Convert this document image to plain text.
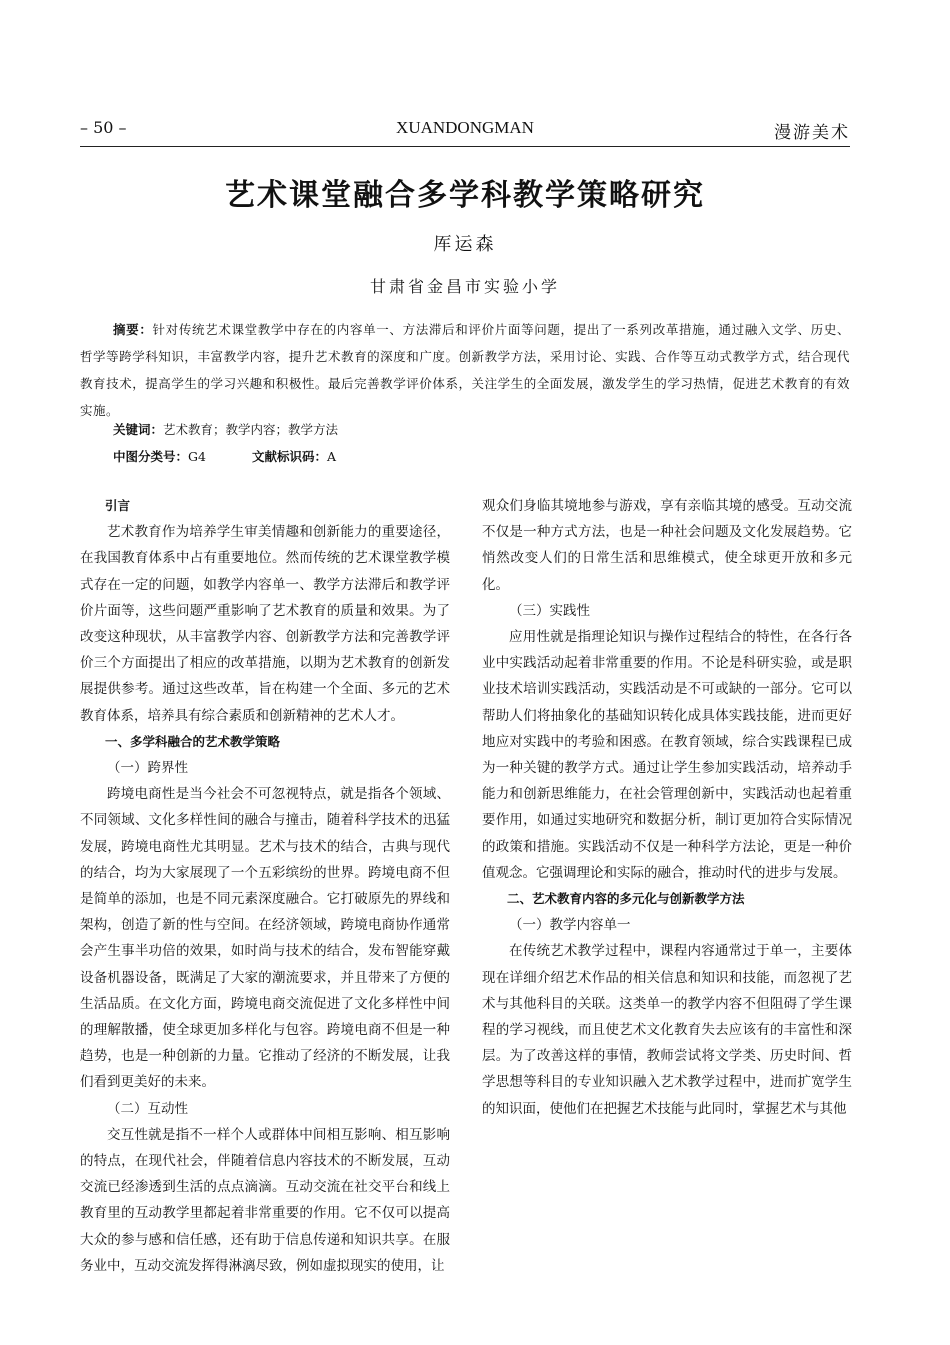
– 50 –	XUANDONGMAN	漫游美术
艺术课堂融合多学科教学策略研究
厍运森
甘肃省金昌市实验小学
摘要：针对传统艺术课堂教学中存在的内容单一、方法滞后和评价片面等问题，提出了一系列改革措施，通过融入文学、历史、哲学等跨学科知识，丰富教学内容，提升艺术教育的深度和广度。创新教学方法，采用讨论、实践、合作等互动式教学方式，结合现代教育技术，提高学生的学习兴趣和积极性。最后完善教学评价体系，关注学生的全面发展，激发学生的学习热情，促进艺术教育的有效实施。
关键词：艺术教育；教学内容；教学方法
中图分类号：G4	文献标识码：A

引言

艺术教育作为培养学生审美情趣和创新能力的重要途径，在我国教育体系中占有重要地位。然而传统的艺术课堂教学模式存在一定的问题，如教学内容单一、教学方法滞后和教学评价片面等，这些问题严重影响了艺术教育的质量和效果。为了改变这种现状，从丰富教学内容、创新教学方法和完善教学评价三个方面提出了相应的改革措施，以期为艺术教育的创新发展提供参考。通过这些改革，旨在构建一个全面、多元的艺术教育体系，培养具有综合素质和创新精神的艺术人才。

一、多学科融合的艺术教学策略

（一）跨界性

跨境电商性是当今社会不可忽视特点，就是指各个领域、不同领域、文化多样性间的融合与撞击，随着科学技术的迅猛发展，跨境电商性尤其明显。艺术与技术的结合，古典与现代的结合，均为大家展现了一个五彩缤纷的世界。跨境电商不但是简单的添加，也是不同元素深度融合。它打破原先的界线和架构，创造了新的性与空间。在经济领域，跨境电商协作通常会产生事半功倍的效果，如时尚与技术的结合，发布智能穿戴设备机器设备，既满足了大家的潮流要求，并且带来了方便的生活品质。在文化方面，跨境电商交流促进了文化多样性中间的理解散播，使全球更加多样化与包容。跨境电商不但是一种趋势，也是一种创新的力量。它推动了经济的不断发展，让我们看到更美好的未来。

（二）互动性

交互性就是指不一样个人或群体中间相互影响、相互影响的特点，在现代社会，伴随着信息内容技术的不断发展，互动交流已经渗透到生活的点点滴滴。互动交流在社交平台和线上教育里的互动教学里都起着非常重要的作用。它不仅可以提高大众的参与感和信任感，还有助于信息传递和知识共享。在服务业中，互动交流发挥得淋漓尽致，例如虚拟现实的使用，让

观众们身临其境地参与游戏，享有亲临其境的感受。互动交流不仅是一种方式方法，也是一种社会问题及文化发展趋势。它悄然改变人们的日常生活和思维模式，使全球更开放和多元化。

（三）实践性

应用性就是指理论知识与操作过程结合的特性，在各行各业中实践活动起着非常重要的作用。不论是科研实验，或是职业技术培训实践活动，实践活动是不可或缺的一部分。它可以帮助人们将抽象化的基础知识转化成具体实践技能，进而更好地应对实践中的考验和困惑。在教育领域，综合实践课程已成为一种关键的教学方式。通过让学生参加实践活动，培养动手能力和创新思维能力，在社会管理创新中，实践活动也起着重要作用，如通过实地研究和数据分析，制订更加符合实际情况的政策和措施。实践活动不仅是一种科学方法论，更是一种价值观念。它强调理论和实际的融合，推动时代的进步与发展。

二、艺术教育内容的多元化与创新教学方法

（一）教学内容单一

在传统艺术教学过程中，课程内容通常过于单一，主要体现在详细介绍艺术作品的相关信息和知识和技能，而忽视了艺术与其他科目的关联。这类单一的教学内容不但阻碍了学生课程的学习视线，而且使艺术文化教育失去应该有的丰富性和深层。为了改善这样的事情，教师尝试将文学类、历史时间、哲学思想等科目的专业知识融入艺术教学过程中，进而扩宽学生的知识面，使他们在把握艺术技能与此同时，掌握艺术与其他
